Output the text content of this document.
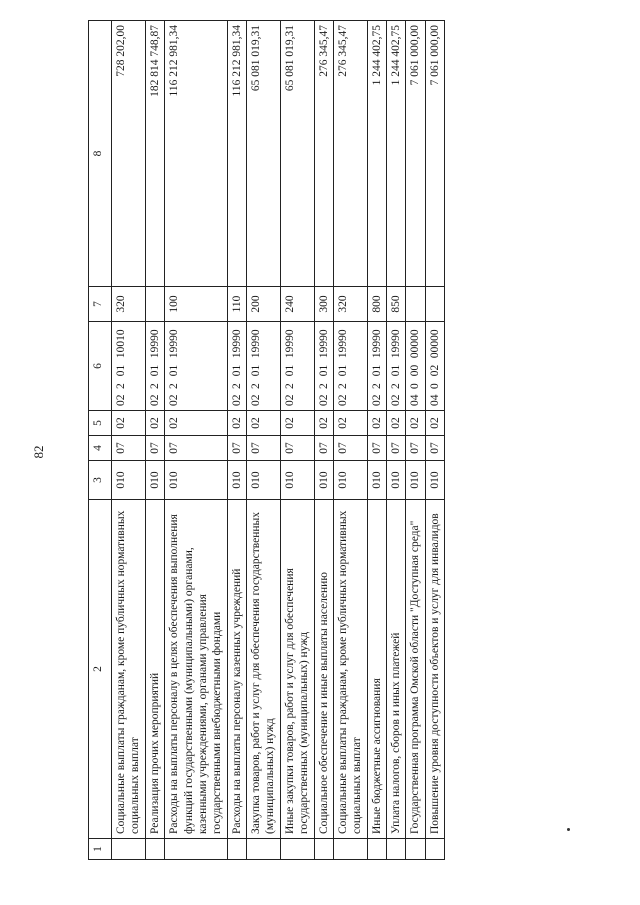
82
1	2	3	4	5	6	7	8
	Социальные выплаты гражданам, кроме публичных нормативных социальных выплат	010	07	02	02 2 01 10010	320	728 202,00
	Реализация прочих мероприятий	010	07	02	02 2 01 19990		182 814 748,87
	Расходы на выплаты персоналу в целях обеспечения выполнения функций государственными (муниципальными) органами, казенными учреждениями, органами управления государственными внебюджетными фондами	010	07	02	02 2 01 19990	100	116 212 981,34
	Расходы на выплаты персоналу казенных учреждений	010	07	02	02 2 01 19990	110	116 212 981,34
	Закупка товаров, работ и услуг для обеспечения государственных (муниципальных) нужд	010	07	02	02 2 01 19990	200	65 081 019,31
	Иные закупки товаров, работ и услуг для обеспечения государственных (муниципальных) нужд	010	07	02	02 2 01 19990	240	65 081 019,31
	Социальное обеспечение и иные выплаты населению	010	07	02	02 2 01 19990	300	276 345,47
	Социальные выплаты гражданам, кроме публичных нормативных социальных выплат	010	07	02	02 2 01 19990	320	276 345,47
	Иные бюджетные ассигнования	010	07	02	02 2 01 19990	800	1 244 402,75
	Уплата налогов, сборов и иных платежей	010	07	02	02 2 01 19990	850	1 244 402,75
	Государственная программа Омской области "Доступная среда"	010	07	02	04 0 00 00000		7 061 000,00
	Повышение уровня доступности объектов и услуг для инвалидов	010	07	02	04 0 02 00000		7 061 000,00
